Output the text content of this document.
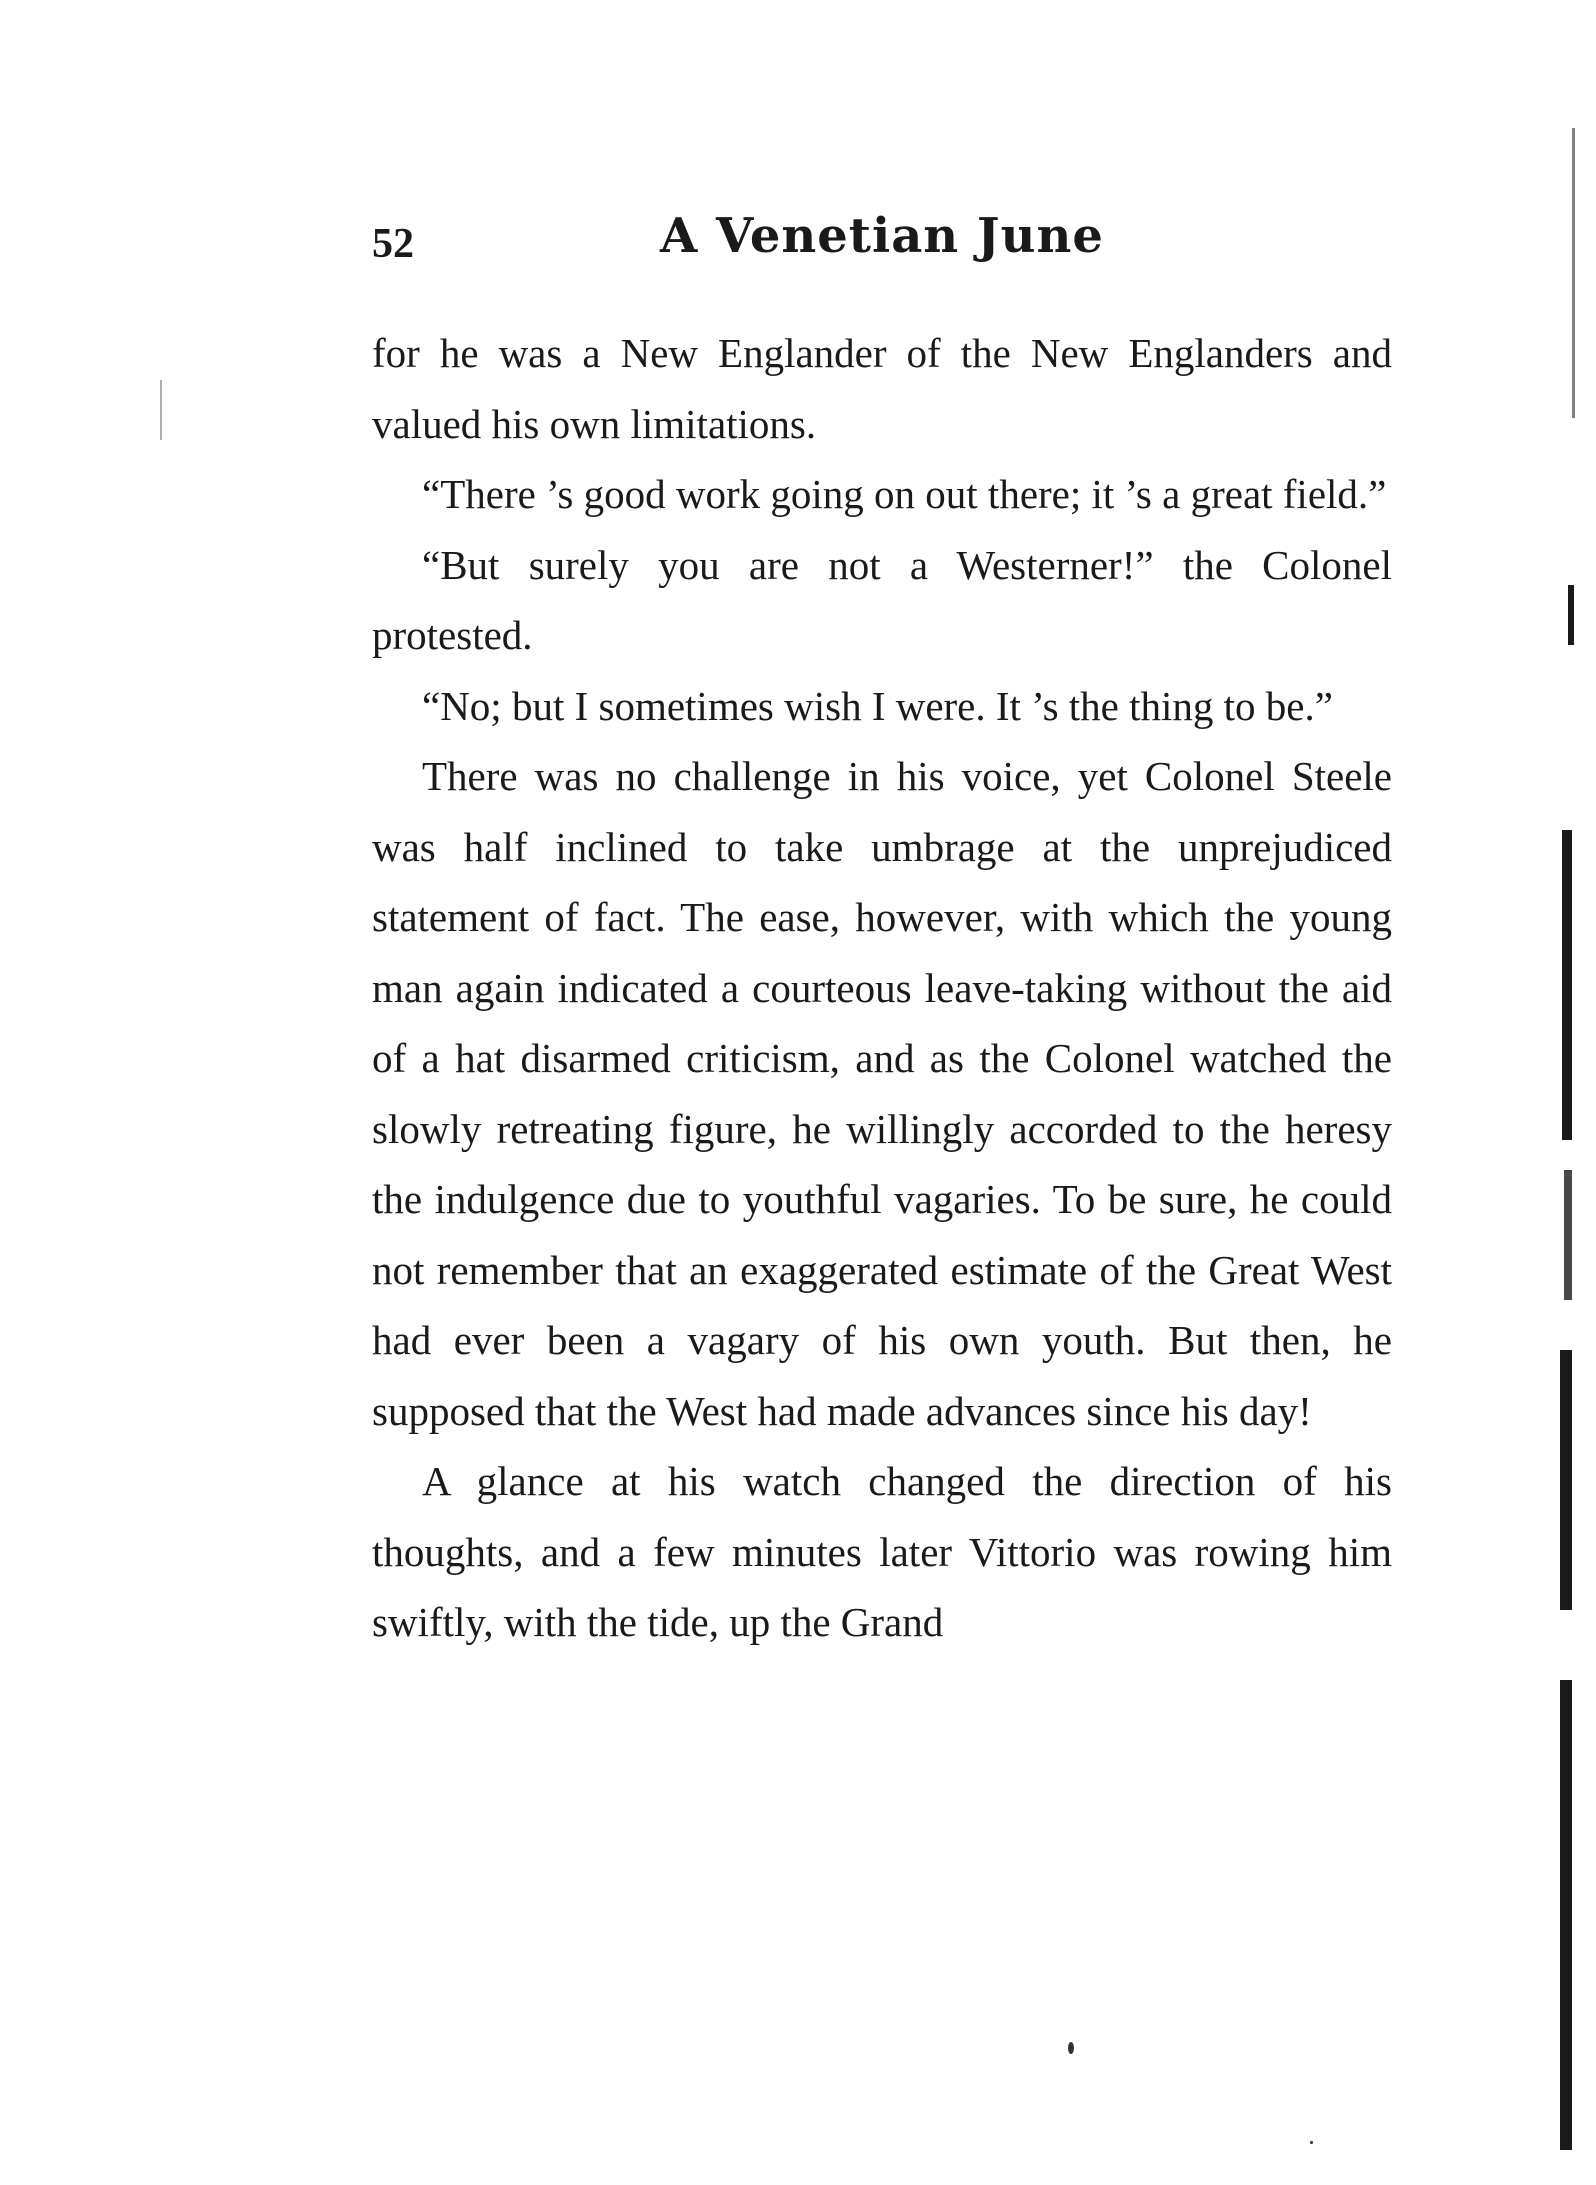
52	A Venetian June

for he was a New Englander of the New Englanders and valued his own limitations.

“There ’s good work going on out there; it ’s a great field.”

“But surely you are not a Westerner!” the Colonel protested.

“No; but I sometimes wish I were. It ’s the thing to be.”

There was no challenge in his voice, yet Colonel Steele was half inclined to take umbrage at the unprejudiced statement of fact. The ease, however, with which the young man again indicated a courteous leave-taking without the aid of a hat disarmed criticism, and as the Colonel watched the slowly retreating figure, he willingly accorded to the heresy the indulgence due to youthful vagaries. To be sure, he could not remember that an exaggerated estimate of the Great West had ever been a vagary of his own youth. But then, he supposed that the West had made advances since his day!

A glance at his watch changed the direction of his thoughts, and a few minutes later Vittorio was rowing him swiftly, with the tide, up the Grand
